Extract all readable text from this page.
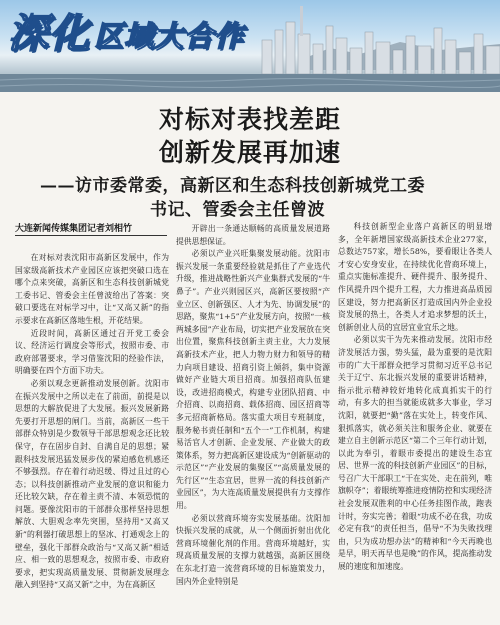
深化 区域大合作
对标对表找差距
创新发展再加速
——访市委常委，高新区和生态科技创新城党工委
书记、管委会主任曾波
大连新闻传媒集团记者刘相竹

在对标对表沈阳市高新区发展中，作为国家级高新技术产业园区应该把突破口选在哪个点来突破，高新区和生态科技创新城党工委书记、管委会主任曾波给出了答案：突破口要选在对标学习中，让“又高又新”的指示要求在高新区落地生根，开花结果。

近段时间，高新区通过召开党工委会议、经济运行调度会等形式，按照市委、市政府部署要求，学习借鉴沈阳的经验作法，明确要在四个方面下功夫。

必须以观念更新推动发展创新。沈阳市在振兴发展中之所以走在了前面，前提是以思想的大解放促进了大发展。振兴发展新路先要打开思想的闸门。当前，高新区一些干部群众特别是少数领导干部思想观念还比较保守，存在固步自封、自满自足的思想；紧跟科技发展迅猛发展步伐的紧迫感危机感还不够强烈。存在着行动迟缓、得过且过的心态；以科技创新推动产业发展的意识和能力还比较欠缺，存在着主责不清、本领恐慌的问题。要像沈阳市的干部群众那样坚持思想解放、大胆观念率先突围，坚持用“又高又新”的利器打破思想上的坚冰、打通观念上的壁垒，强化干部群众政治与“又高又新”相适应、相一致的思想观念，按照市委、市政府要求，把实现高质量发展、贯彻新发展理念融入到坚持“又高又新”之中，为在高新区

开辟出一条通达顺畅的高质量发展道路提供思想保证。

必须以产业兴旺集聚发展动能。沈阳市振兴发展一条重要经验就是抓住了产业选代升级，推进战略性新兴产业集群式发展的“牛鼻子”。产业兴则园区兴，高新区要按照“产业立区、创新强区、人才为先、协调发展”的思路，聚焦“1+5”产业发展方向，按照“一核两城多园”产业布局，切实把产业发展放在突出位置，聚焦科技创新主责主业，大力发展高新技术产业，把人力物力财力和领导的精力向项目建设、招商引资上倾斜，集中资源做好产业链大项目招商。加强招商队伍建设，改进招商模式，构建专业团队招商、中介招商、以商招商、载体招商、园区招商等多元招商新格局。落实重大项目专班制度，服务秘书责任制和“五个一”工作机制，构建易活官人才创新、企业发展、产业做大的政策体系，努力把高新区建设成为“创新驱动的示范区”“产业发展的集聚区”“高质量发展的先行区”“生态宜居，世界一流的科技创新产业园区”，为大连高质量发展提供有力支撑作用。

必须以营商环境夯实发展基础。沈阳加快振兴发展的成就，从一个侧面折射出优化营商环境催化剂的作用。营商环境越好，实现高质量发展的支撑力就越强，高新区围绕在东北打造一流营商环境的目标施策发力，国内外企业特别是

科技创新型企业落户高新区的明显增多，全年新增国家级高新技术企业277家，总数达757家，增长58%，要看眼让各类人才安心安身安业，在持续优化营商环境上，重点实施标准提升、硬件提升、服务提升、作风提升四个提升工程，大力推进高品质园区建设，努力把高新区打造成国内外企业投资发展的热土，各类人才追求梦想的沃土，创新创业人员的宜居宜业宜乐之地。

必须以实干为先来推动发展。沈阳市经济发展活力强，势头猛，最为重要的是沈阳市的广大干部群众把学习贯彻习近平总书记关于辽宁、东北振兴发展的重要讲话精神，指示批示精神较好地转化成真抓实干的行动，有多大的担当就能成就多大事业，学习沈阳，就要把“勤”落在实处上，转变作风、狠抓落实，就必须关注和服务企业、就要在建立自主创新示范区“第二个三年行动计划，以此为奉引，着眼市委提出的建设生态宜居、世界一流的科技创新产业园区”的目标，号召广大干部职工“干在实处、走在前列，唯旗帜夺”；着眼统筹推进疫情防控和实现经济社会发展双胜利的中心任务挂图作战，跑表计时，夯实完善；着眼“功成不必在我，功成必定有我”的责任担当，倡导“不为失败找理由，只为成功想办法”的精神和“今天再晚也是早，明天再早也是晚”的作风，提高推动发展的速度和加速度。
